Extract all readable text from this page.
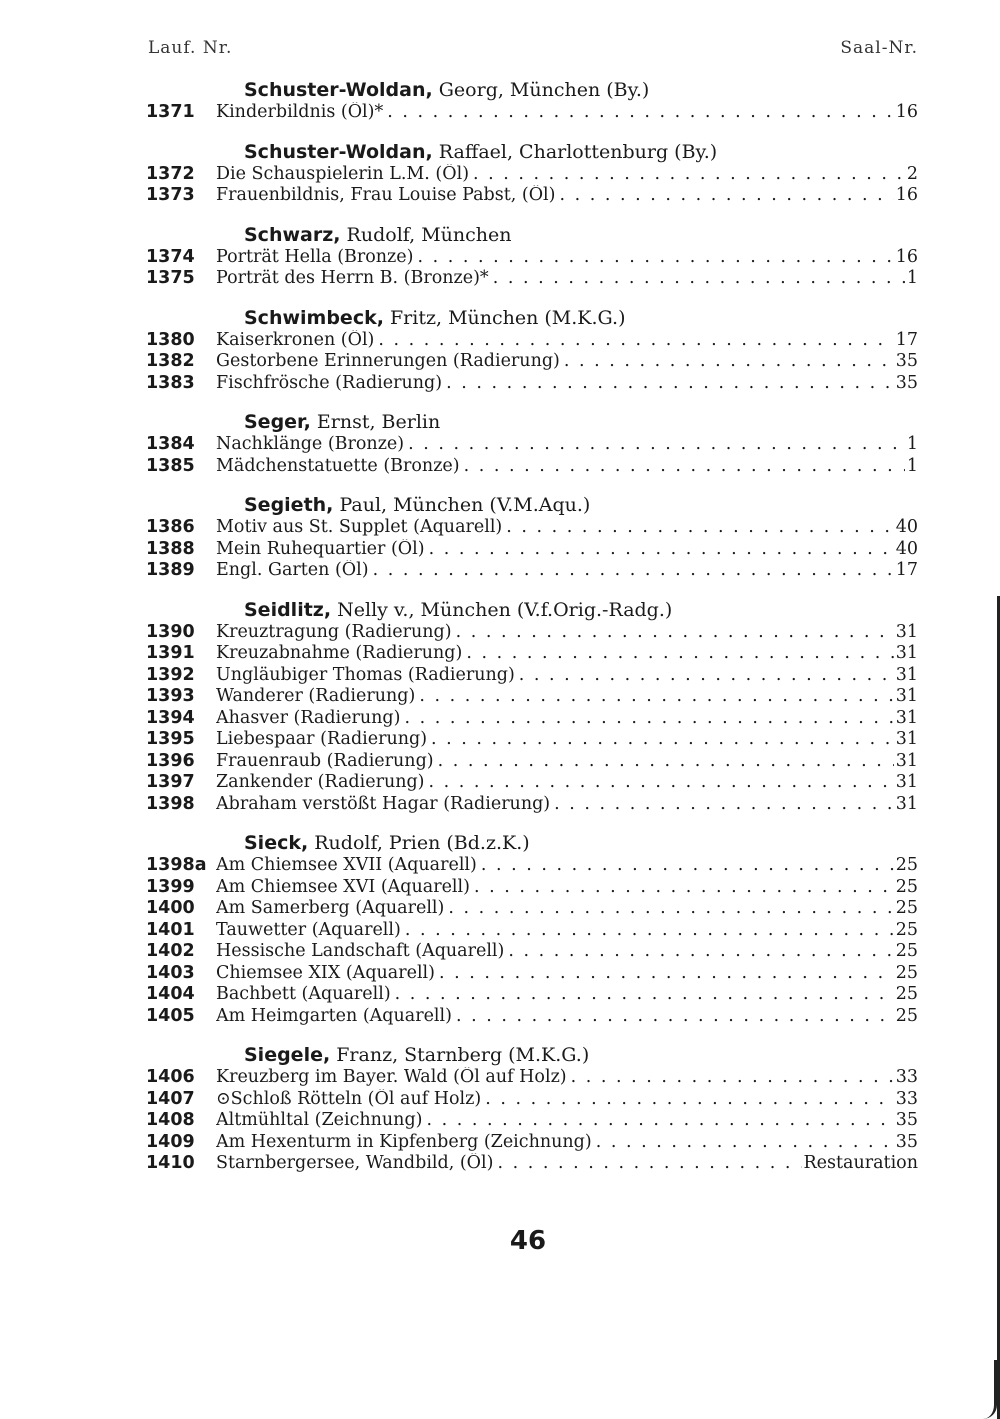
Lauf. Nr.	Saal-Nr.
Schuster-Woldan, Georg, München (By.)
1371	Kinderbildnis (Öl)* . . .	16
Schuster-Woldan, Raffael, Charlottenburg (By.)
1372	Die Schauspielerin L.M. (Öl) . . .	2
1373	Frauenbildnis, Frau Louise Pabst, (Öl) . . .	16
Schwarz, Rudolf, München
1374	Porträt Hella (Bronze) . . .	16
1375	Porträt des Herrn B. (Bronze)* . . .	1
Schwimbeck, Fritz, München (M.K.G.)
1380	Kaiserkronen (Öl) . . .	17
1382	Gestorbene Erinnerungen (Radierung) . . .	35
1383	Fischfrösche (Radierung) . . .	35
Seger, Ernst, Berlin
1384	Nachklänge (Bronze) . . .	1
1385	Mädchenstatuette (Bronze) . . .	1
Segieth, Paul, München (V.M.Aqu.)
1386	Motiv aus St. Supplet (Aquarell) . . .	40
1388	Mein Ruhequartier (Öl) . . .	40
1389	Engl. Garten (Öl) . . .	17
Seidlitz, Nelly v., München (V.f.Orig.-Radg.)
1390	Kreuztragung (Radierung) . . .	31
1391	Kreuzabnahme (Radierung) . . .	31
1392	Ungläubiger Thomas (Radierung) . . .	31
1393	Wanderer (Radierung) . . .	31
1394	Ahasver (Radierung) . . .	31
1395	Liebespaar (Radierung) . . .	31
1396	Frauenraub (Radierung) . . .	31
1397	Zankender (Radierung) . . .	31
1398	Abraham verstößt Hagar (Radierung) . . .	31
Sieck, Rudolf, Prien (Bd.z.K.)
1398a Am Chiemsee XVII (Aquarell) . . .	25
1399	Am Chiemsee XVI (Aquarell) . . .	25
1400	Am Samerberg (Aquarell) . . .	25
1401	Tauwetter (Aquarell) . . .	25
1402	Hessische Landschaft (Aquarell) . . .	25
1403	Chiemsee XIX (Aquarell) . . .	25
1404	Bachbett (Aquarell) . . .	25
1405	Am Heimgarten (Aquarell) . . .	25
Siegele, Franz, Starnberg (M.K.G.)
1406	Kreuzberg im Bayer. Wald (Öl auf Holz) . . .	33
1407	⊙Schloß Rötteln (Öl auf Holz) . . .	33
1408	Altmühltal (Zeichnung) . . .	35
1409	Am Hexenturm in Kipfenberg (Zeichnung) . . .	35
1410	Starnbergersee, Wandbild, (Öl) . . .	Restauration
46
